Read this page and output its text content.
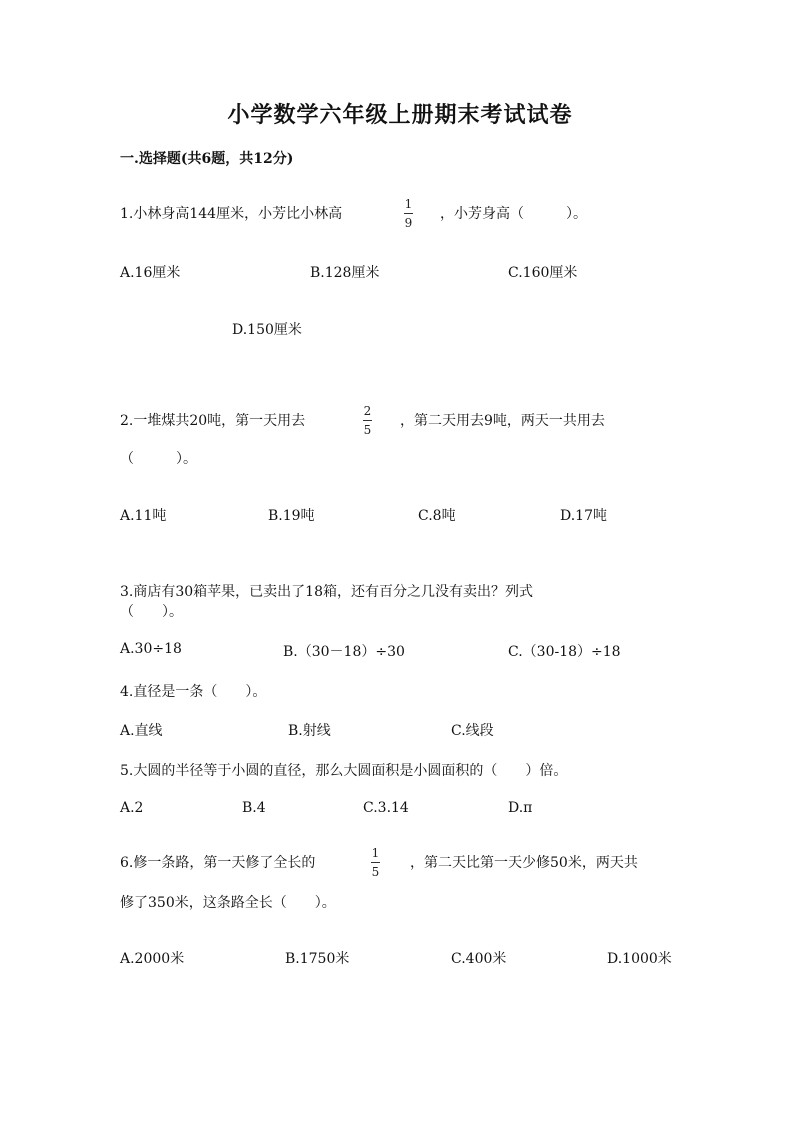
小学数学六年级上册期末考试试卷
一.选择题(共6题，共12分)
1.小林身高144厘米，小芳比小林高
1
9
，小芳身高（　　　）。
A.16厘米	B.128厘米	C.160厘米
D.150厘米
2.一堆煤共20吨，第一天用去
2
5
，第二天用去9吨，两天一共用去
（　　　）。
A.11吨	B.19吨	C.8吨	D.17吨
3.商店有30箱苹果，已卖出了18箱，还有百分之几没有卖出？列式
（　　）。
A.30÷18	B.（30－18）÷30	C.（30-18）÷18
4.直径是一条（　　）。
A.直线	B.射线	C.线段
5.大圆的半径等于小圆的直径，那么大圆面积是小圆面积的（　　）倍。
A.2	B.4	C.3.14	D.π
6.修一条路，第一天修了全长的
1
5
，第二天比第一天少修50米，两天共
修了350米，这条路全长（　　）。
A.2000米	B.1750米	C.400米	D.1000米
